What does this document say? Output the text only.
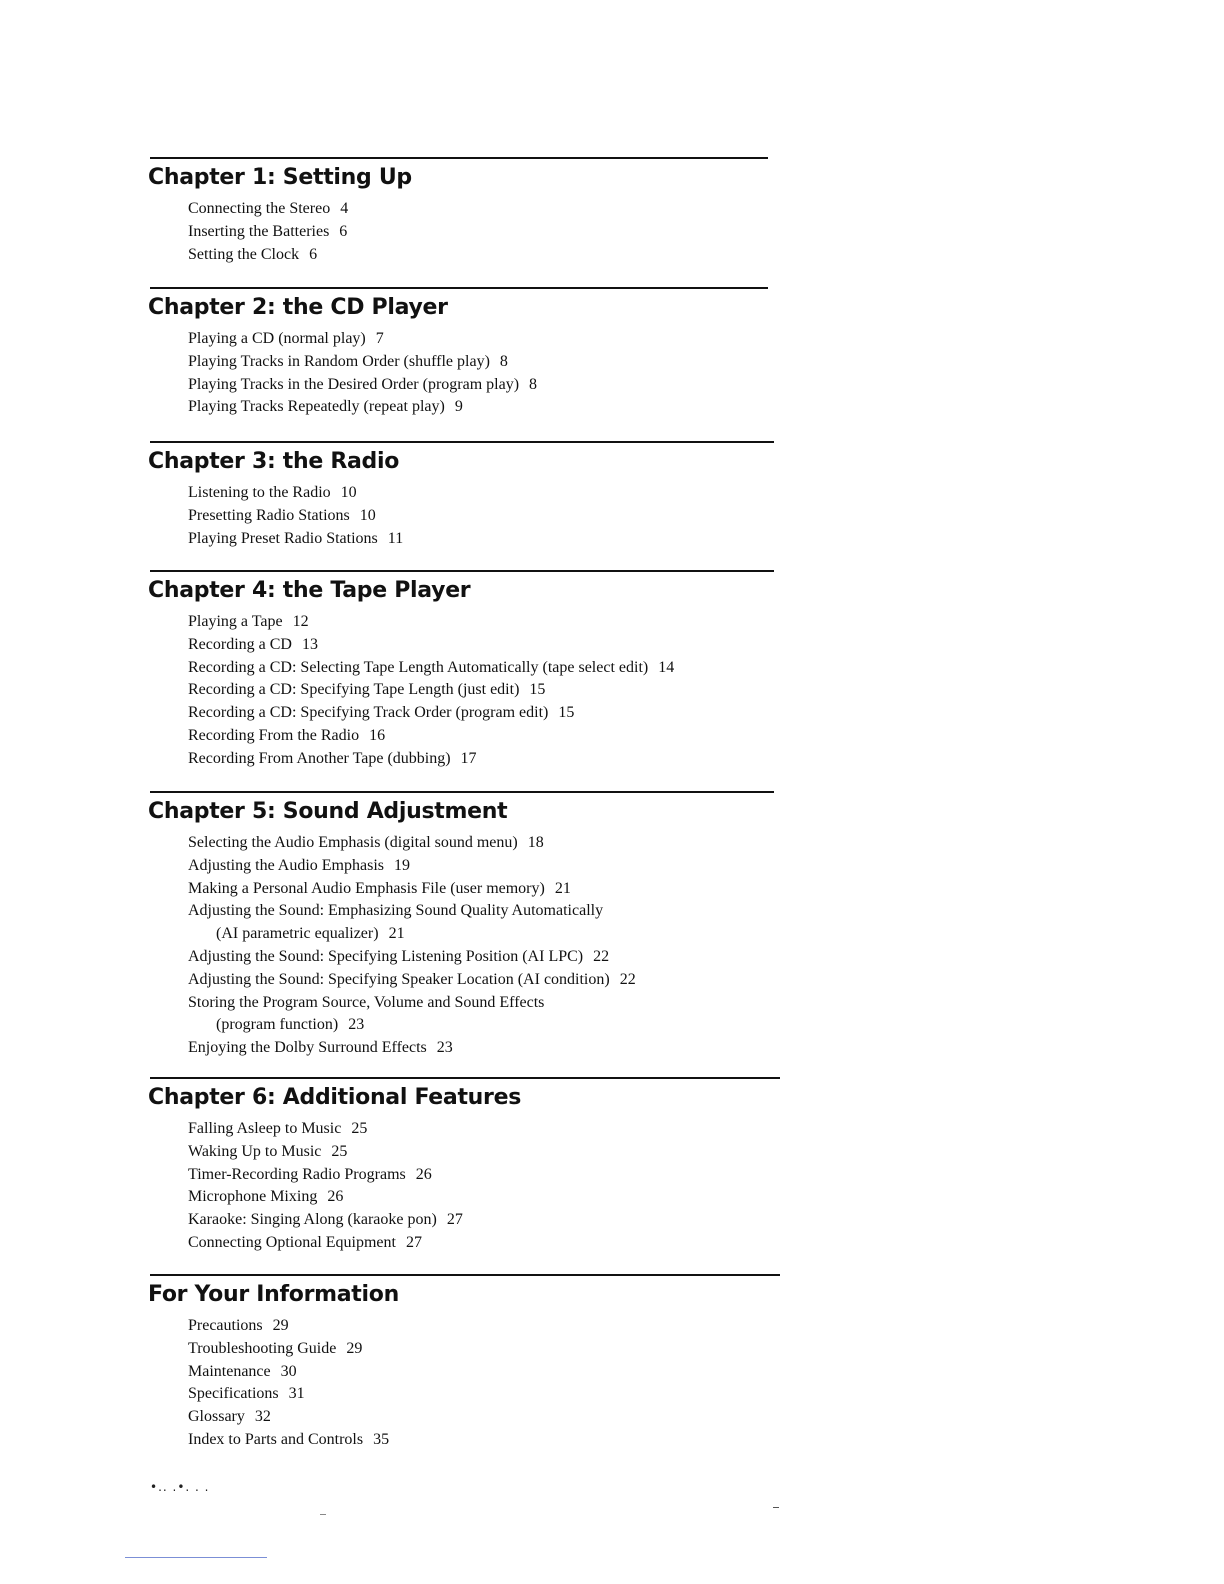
Chapter 1: Setting Up
Connecting the Stereo 4
Inserting the Batteries 6
Setting the Clock 6
Chapter 2: the CD Player
Playing a CD (normal play) 7
Playing Tracks in Random Order (shuffle play) 8
Playing Tracks in the Desired Order (program play) 8
Playing Tracks Repeatedly (repeat play) 9
Chapter 3: the Radio
Listening to the Radio 10
Presetting Radio Stations 10
Playing Preset Radio Stations 11
Chapter 4: the Tape Player
Playing a Tape 12
Recording a CD 13
Recording a CD: Selecting Tape Length Automatically (tape select edit) 14
Recording a CD: Specifying Tape Length (just edit) 15
Recording a CD: Specifying Track Order (program edit) 15
Recording From the Radio 16
Recording From Another Tape (dubbing) 17
Chapter 5: Sound Adjustment
Selecting the Audio Emphasis (digital sound menu) 18
Adjusting the Audio Emphasis 19
Making a Personal Audio Emphasis File (user memory) 21
Adjusting the Sound: Emphasizing Sound Quality Automatically
(AI parametric equalizer) 21
Adjusting the Sound: Specifying Listening Position (AI LPC) 22
Adjusting the Sound: Specifying Speaker Location (AI condition) 22
Storing the Program Source, Volume and Sound Effects
(program function) 23
Enjoying the Dolby Surround Effects 23
Chapter 6: Additional Features
Falling Asleep to Music 25
Waking Up to Music 25
Timer-Recording Radio Programs 26
Microphone Mixing 26
Karaoke: Singing Along (karaoke pon) 27
Connecting Optional Equipment 27
For Your Information
Precautions 29
Troubleshooting Guide 29
Maintenance 30
Specifications 31
Glossary 32
Index to Parts and Controls 35
•.. .•. . .
